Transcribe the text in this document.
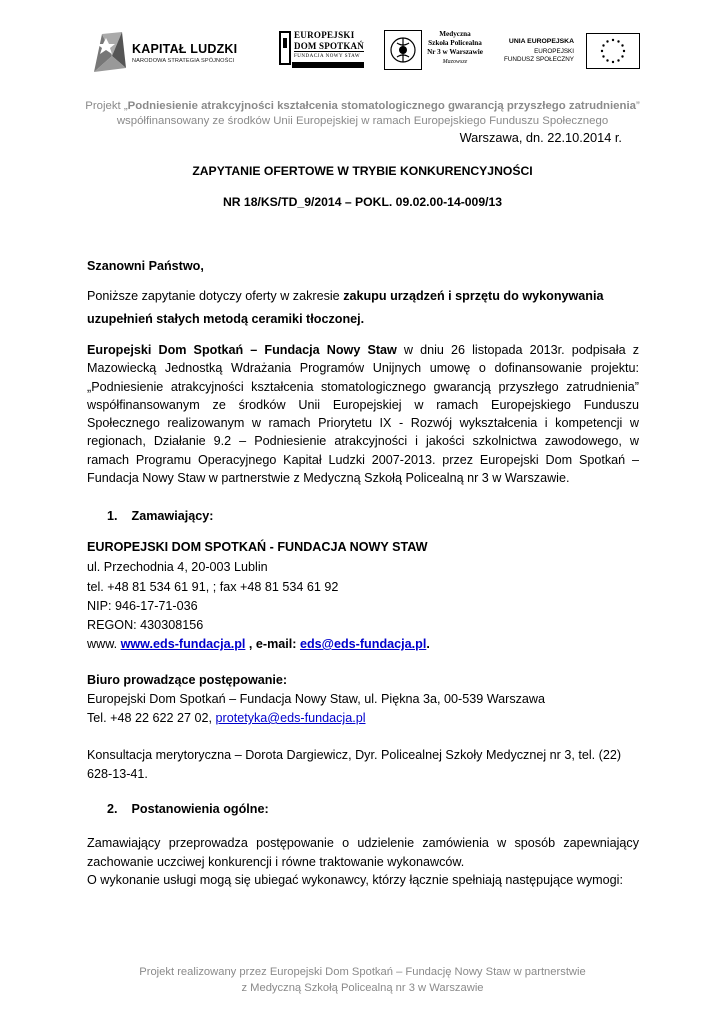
KAPITAŁ LUDZKI
NARODOWA STRATEGIA SPÓJNOŚCI
EUROPEJSKI
DOM SPOTKAŃ
FUNDACJA NOWY STAW
Medyczna
Szkoła Policealna
Nr 3 w Warszawie
Mazowsze
UNIA EUROPEJSKA
EUROPEJSKI
FUNDUSZ SPOŁECZNY
Projekt „Podniesienie atrakcyjności kształcenia stomatologicznego gwarancją przyszłego zatrudnienia”
współfinansowany ze środków Unii Europejskiej w ramach Europejskiego Funduszu Społecznego
Warszawa, dn. 22.10.2014 r.
ZAPYTANIE OFERTOWE W TRYBIE KONKURENCYJNOŚCI
NR 18/KS/TD_9/2014 – POKL. 09.02.00-14-009/13
Szanowni Państwo,
Poniższe zapytanie dotyczy oferty w zakresie zakupu urządzeń i sprzętu do wykonywania uzupełnień stałych metodą ceramiki tłoczonej.
Europejski Dom Spotkań – Fundacja Nowy Staw w dniu 26 listopada 2013r. podpisała z Mazowiecką Jednostką Wdrażania Programów Unijnych umowę o dofinansowanie projektu: „Podniesienie atrakcyjności kształcenia stomatologicznego gwarancją przyszłego zatrudnienia” współfinansowanym ze środków Unii Europejskiej w ramach Europejskiego Funduszu Społecznego realizowanym w ramach Priorytetu IX - Rozwój wykształcenia i kompetencji w regionach, Działanie 9.2 – Podniesienie atrakcyjności i jakości szkolnictwa zawodowego, w ramach Programu Operacyjnego Kapitał Ludzki 2007-2013. przez Europejski Dom Spotkań – Fundacja Nowy Staw w partnerstwie z Medyczną Szkołą Policealną nr 3 w Warszawie.
1. Zamawiający:
EUROPEJSKI DOM SPOTKAŃ - FUNDACJA NOWY STAW
ul. Przechodnia 4, 20-003 Lublin
tel. +48 81 534 61 91, ; fax +48 81 534 61 92
NIP: 946-17-71-036
REGON: 430308156
www. www.eds-fundacja.pl , e-mail: eds@eds-fundacja.pl.
Biuro prowadzące postępowanie:
Europejski Dom Spotkań – Fundacja Nowy Staw, ul. Piękna 3a, 00-539 Warszawa
Tel. +48 22 622 27 02, protetyka@eds-fundacja.pl
Konsultacja merytoryczna – Dorota Dargiewicz, Dyr. Policealnej Szkoły Medycznej nr 3, tel. (22) 628-13-41.
2. Postanowienia ogólne:
Zamawiający przeprowadza postępowanie o udzielenie zamówienia w sposób zapewniający zachowanie uczciwej konkurencji i równe traktowanie wykonawców.
O wykonanie usługi mogą się ubiegać wykonawcy, którzy łącznie spełniają następujące wymogi:
Projekt realizowany przez Europejski Dom Spotkań – Fundację Nowy Staw w partnerstwie
z Medyczną Szkołą Policealną nr 3 w Warszawie
